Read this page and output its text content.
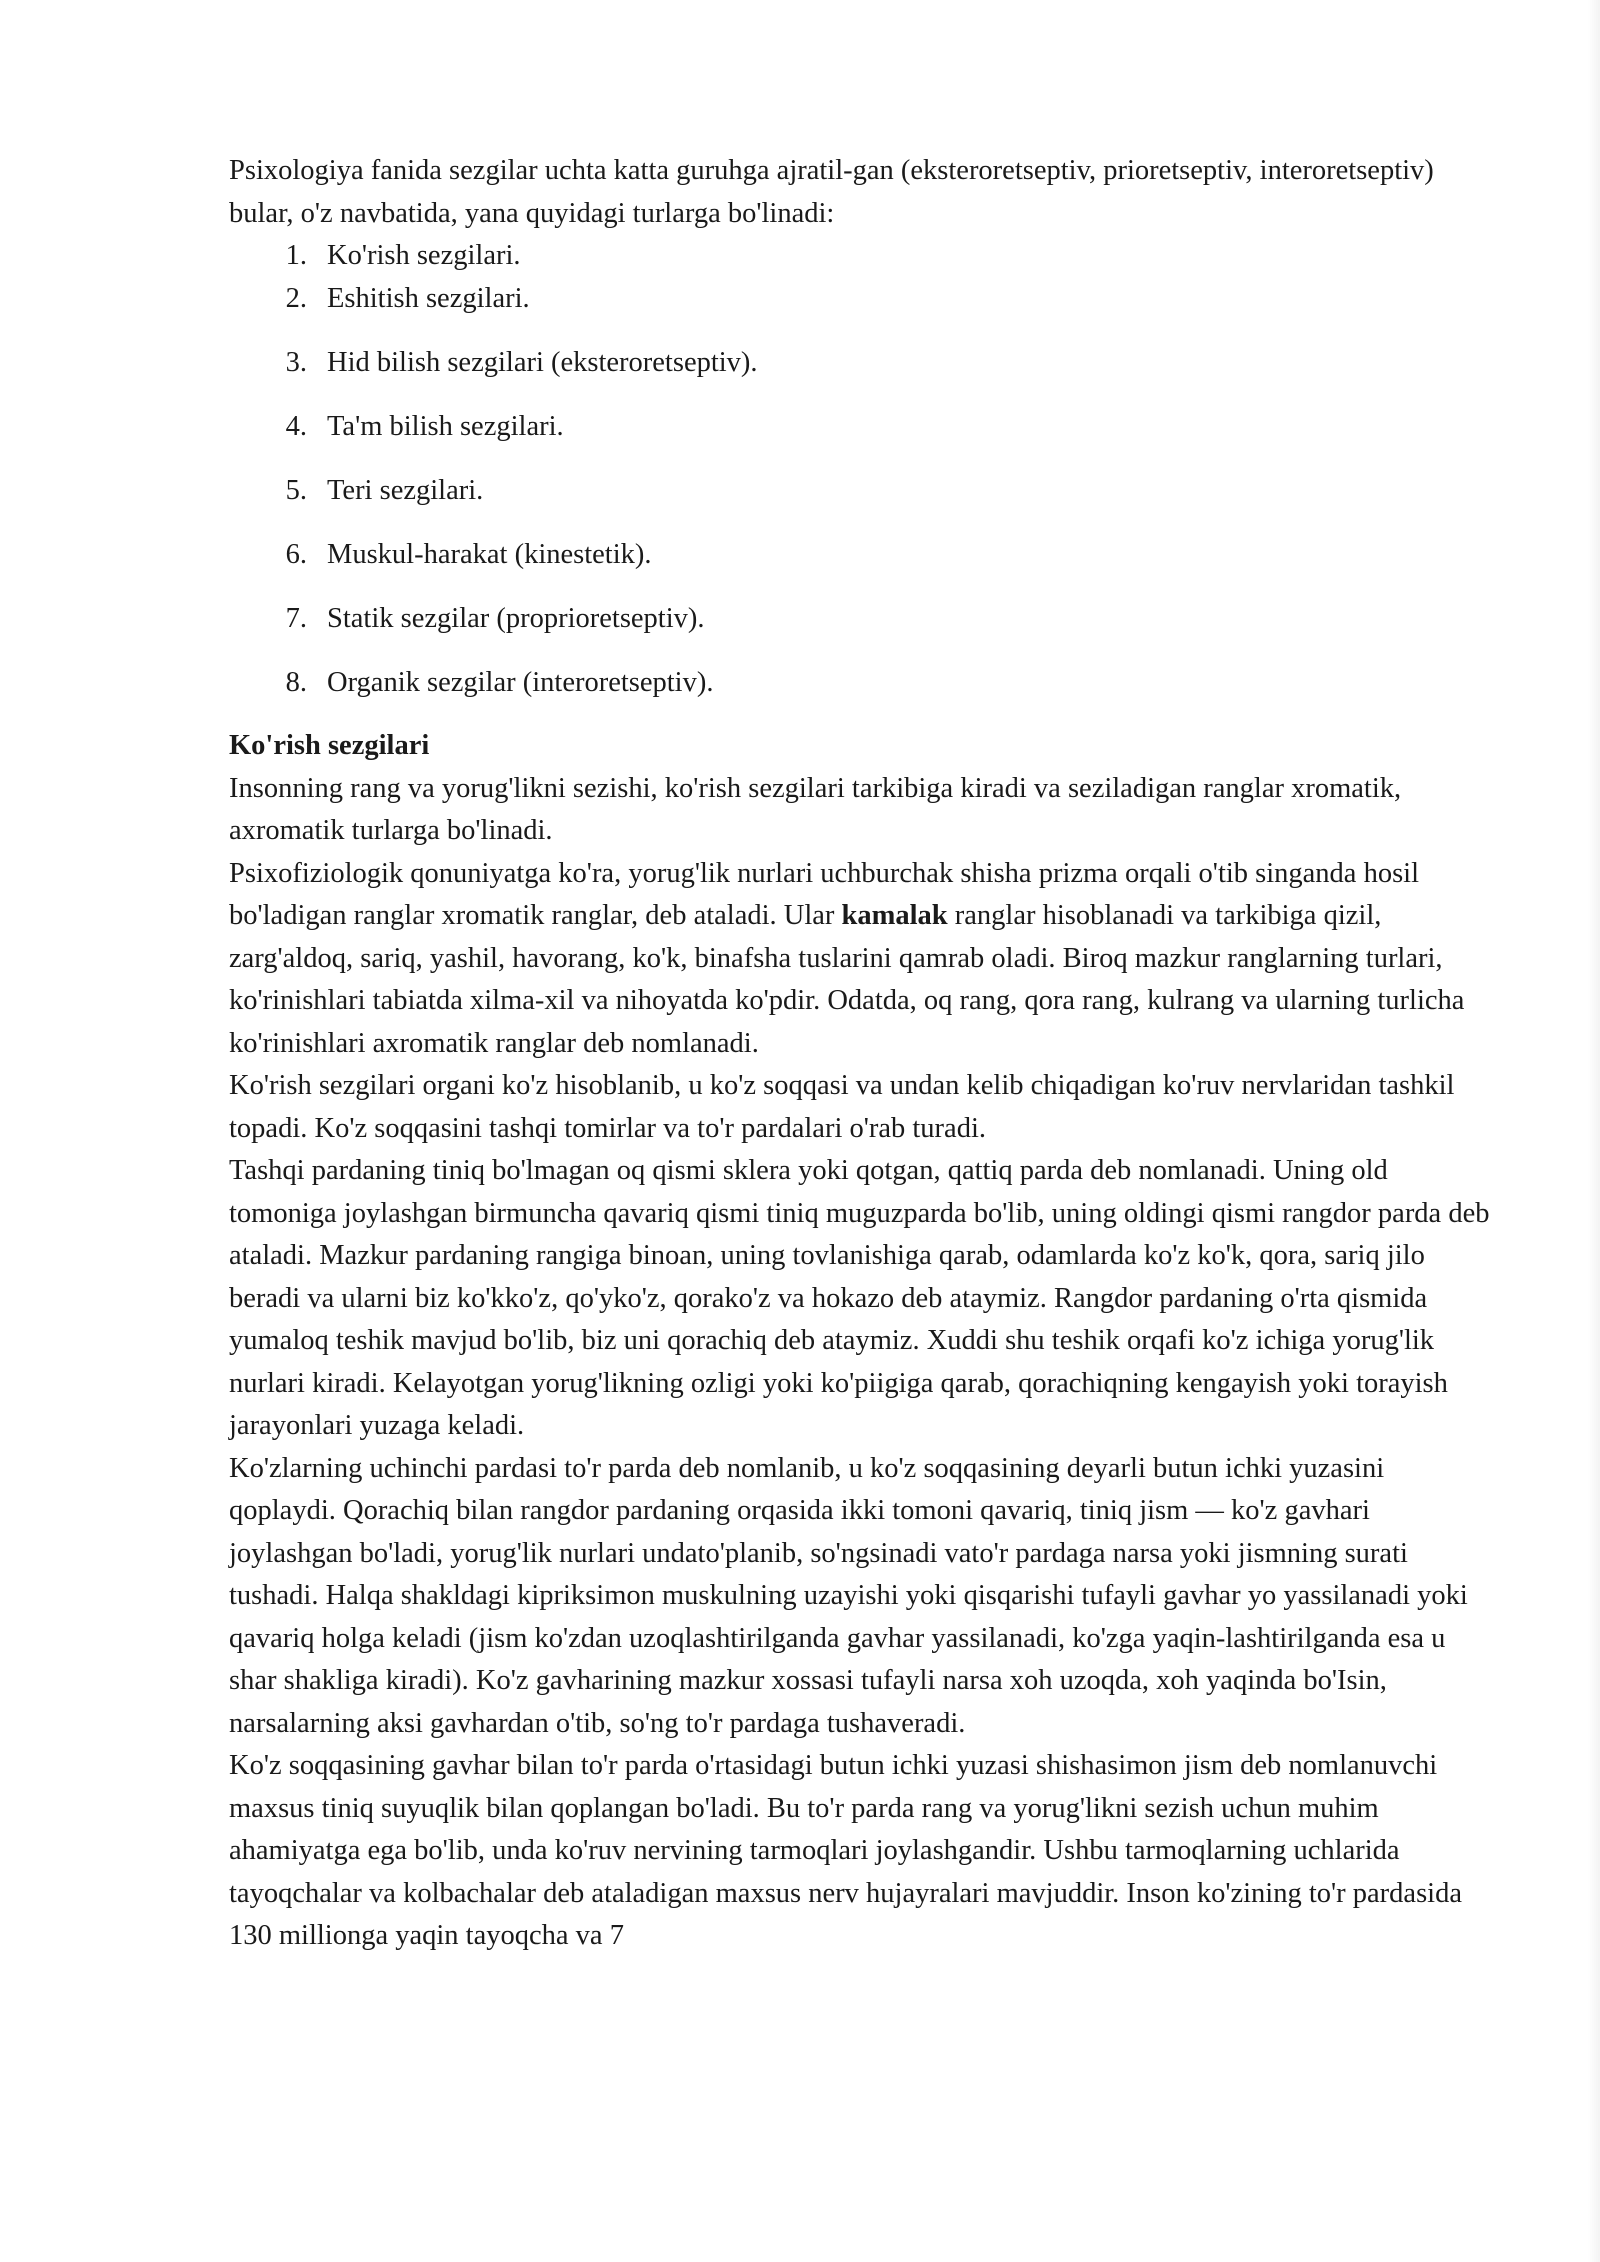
Psixologiya fanida sezgilar uchta katta guruhga ajratil-gan (eksteroretseptiv, prioretseptiv, interoretseptiv) bular, o'z navbatida, yana quyidagi turlarga bo'linadi:

1. Ko'rish sezgilari.
2. Eshitish sezgilari.
3. Hid bilish sezgilari (eksteroretseptiv).
4. Ta'm bilish sezgilari.
5. Teri sezgilari.
6. Muskul-harakat (kinestetik).
7. Statik sezgilar (proprioretseptiv).
8. Organik sezgilar (interoretseptiv).

Ko'rish sezgilari

Insonning rang va yorug'likni sezishi, ko'rish sezgilari tarkibiga kiradi va seziladigan ranglar xromatik, axromatik turlarga bo'linadi.

Psixofiziologik qonuniyatga ko'ra, yorug'lik nurlari uchburchak shisha prizma orqali o'tib singanda hosil bo'ladigan ranglar xromatik ranglar, deb ataladi. Ular kamalak ranglar hisoblanadi va tarkibiga qizil, zarg'aldoq, sariq, yashil, havorang, ko'k, binafsha tuslarini qamrab oladi. Biroq mazkur ranglarning turlari, ko'rinishlari tabiatda xilma-xil va nihoyatda ko'pdir. Odatda, oq rang, qora rang, kulrang va ularning turlicha ko'rinishlari axromatik ranglar deb nomlanadi.

Ko'rish sezgilari organi ko'z hisoblanib, u ko'z soqqasi va undan kelib chiqadigan ko'ruv nervlaridan tashkil topadi. Ko'z soqqasini tashqi tomirlar va to'r pardalari o'rab turadi.

Tashqi pardaning tiniq bo'lmagan oq qismi sklera yoki qotgan, qattiq parda deb nomlanadi. Uning old tomoniga joylashgan birmuncha qavariq qismi tiniq muguzparda bo'lib, uning oldingi qismi rangdor parda deb ataladi. Mazkur pardaning rangiga binoan, uning tovlanishiga qarab, odamlarda ko'z ko'k, qora, sariq jilo beradi va ularni biz ko'kko'z, qo'yko'z, qorako'z va hokazo deb ataymiz. Rangdor pardaning o'rta qismida yumaloq teshik mavjud bo'lib, biz uni qorachiq deb ataymiz. Xuddi shu teshik orqafi ko'z ichiga yorug'lik nurlari kiradi. Kelayotgan yorug'likning ozligi yoki ko'piigiga qarab, qorachiqning kengayish yoki torayish jarayonlari yuzaga keladi.

Ko'zlarning uchinchi pardasi to'r parda deb nomlanib, u ko'z soqqasining deyarli butun ichki yuzasini qoplaydi. Qorachiq bilan rangdor pardaning orqasida ikki tomoni qavariq, tiniq jism — ko'z gavhari joylashgan bo'ladi, yorug'lik nurlari undato'planib, so'ngsinadi vato'r pardaga narsa yoki jismning surati tushadi. Halqa shakldagi kipriksimon muskulning uzayishi yoki qisqarishi tufayli gavhar yo yassilanadi yoki qavariq holga keladi (jism ko'zdan uzoqlashtirilganda gavhar yassilanadi, ko'zga yaqin-lashtirilganda esa u shar shakliga kiradi). Ko'z gavharining mazkur xossasi tufayli narsa xoh uzoqda, xoh yaqinda bo'Isin, narsalarning aksi gavhardan o'tib, so'ng to'r pardaga tushaveradi.

Ko'z soqqasining gavhar bilan to'r parda o'rtasidagi butun ichki yuzasi shishasimon jism deb nomlanuvchi maxsus tiniq suyuqlik bilan qoplangan bo'ladi. Bu to'r parda rang va yorug'likni sezish uchun muhim ahamiyatga ega bo'lib, unda ko'ruv nervining tarmoqlari joylashgandir. Ushbu tarmoqlarning uchlarida tayoqchalar va kolbachalar deb ataladigan maxsus nerv hujayralari mavjuddir. Inson ko'zining to'r pardasida 130 millionga yaqin tayoqcha va 7
